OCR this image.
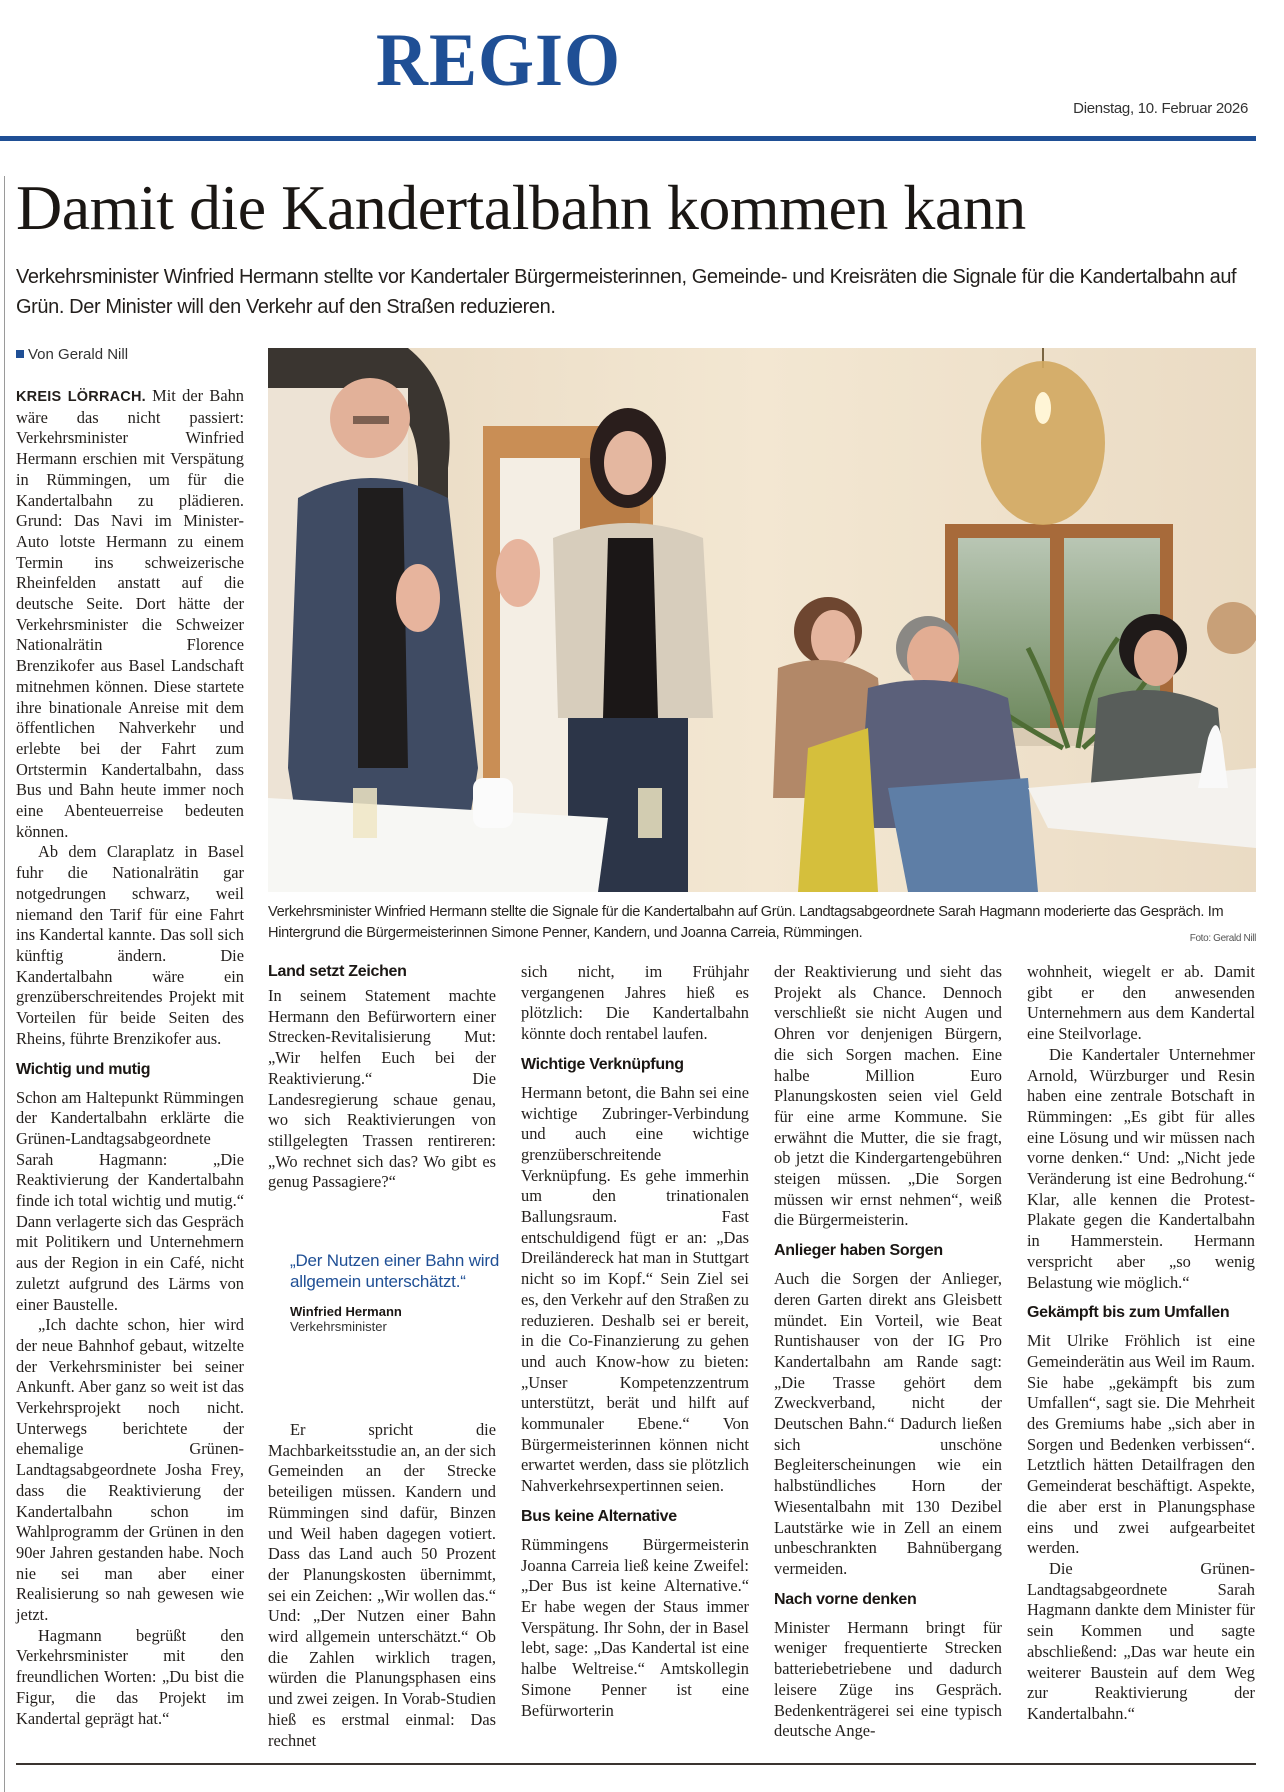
REGIO
Dienstag, 10. Februar 2026
Damit die Kandertalbahn kommen kann
Verkehrsminister Winfried Hermann stellte vor Kandertaler Bürgermeisterinnen, Gemeinde- und Kreisräten die Signale für die Kandertalbahn auf Grün. Der Minister will den Verkehr auf den Straßen reduzieren.
Von Gerald Nill

KREIS LÖRRACH. Mit der Bahn wäre das nicht passiert: Verkehrsminister Winfried Hermann erschien mit Verspätung in Rümmingen, um für die Kandertalbahn zu plädieren. Grund: Das Navi im Minister-Auto lotste Hermann zu einem Termin ins schweizerische Rheinfelden anstatt auf die deutsche Seite. Dort hätte der Verkehrsminister die Schweizer Nationalrätin Florence Brenzikofer aus Basel Landschaft mitnehmen können. Diese startete ihre binationale Anreise mit dem öffentlichen Nahverkehr und erlebte bei der Fahrt zum Ortstermin Kandertalbahn, dass Bus und Bahn heute immer noch eine Abenteuerreise bedeuten können.

Ab dem Claraplatz in Basel fuhr die Nationalrätin gar notgedrungen schwarz, weil niemand den Tarif für eine Fahrt ins Kandertal kannte. Das soll sich künftig ändern. Die Kandertalbahn wäre ein grenzüberschreitendes Projekt mit Vorteilen für beide Seiten des Rheins, führte Brenzikofer aus.

Wichtig und mutig

Schon am Haltepunkt Rümmingen der Kandertalbahn erklärte die Grünen-Landtagsabgeordnete Sarah Hagmann: „Die Reaktivierung der Kandertalbahn finde ich total wichtig und mutig.“ Dann verlagerte sich das Gespräch mit Politikern und Unternehmern aus der Region in ein Café, nicht zuletzt aufgrund des Lärms von einer Baustelle.

„Ich dachte schon, hier wird der neue Bahnhof gebaut, witzelte der Verkehrsminister bei seiner Ankunft. Aber ganz so weit ist das Verkehrsprojekt noch nicht. Unterwegs berichtete der ehemalige Grünen-Landtagsabgeordnete Josha Frey, dass die Reaktivierung der Kandertalbahn schon im Wahlprogramm der Grünen in den 90er Jahren gestanden habe. Noch nie sei man aber einer Realisierung so nah gewesen wie jetzt.

Hagmann begrüßt den Verkehrsminister mit den freundlichen Worten: „Du bist die Figur, die das Projekt im Kandertal geprägt hat.“

Verkehrsminister Winfried Hermann stellte die Signale für die Kandertalbahn auf Grün. Landtagsabgeordnete Sarah Hagmann moderierte das Gespräch. Im Hintergrund die Bürgermeisterinnen Simone Penner, Kandern, und Joanna Carreia, Rümmingen.	Foto: Gerald Nill
Land setzt Zeichen

In seinem Statement machte Hermann den Befürwortern einer Strecken-Revitalisierung Mut: „Wir helfen Euch bei der Reaktivierung.“ Die Landesregierung schaue genau, wo sich Reaktivierungen von stillgelegten Trassen rentireren: „Wo rechnet sich das? Wo gibt es genug Passagiere?“

„Der Nutzen einer Bahn wird allgemein unterschätzt.“
Winfried Hermann
Verkehrsminister

Er spricht die Machbarkeitsstudie an, an der sich Gemeinden an der Strecke beteiligen müssen. Kandern und Rümmingen sind dafür, Binzen und Weil haben dagegen votiert. Dass das Land auch 50 Prozent der Planungskosten übernimmt, sei ein Zeichen: „Wir wollen das.“ Und: „Der Nutzen einer Bahn wird allgemein unterschätzt.“ Ob die Zahlen wirklich tragen, würden die Planungsphasen eins und zwei zeigen. In Vorab-Studien hieß es erstmal einmal: Das rechnet

sich nicht, im Frühjahr vergangenen Jahres hieß es plötzlich: Die Kandertalbahn könnte doch rentabel laufen.

Wichtige Verknüpfung

Hermann betont, die Bahn sei eine wichtige Zubringer-Verbindung und auch eine wichtige grenzüberschreitende Verknüpfung. Es gehe immerhin um den trinationalen Ballungsraum. Fast entschuldigend fügt er an: „Das Dreiländereck hat man in Stuttgart nicht so im Kopf.“ Sein Ziel sei es, den Verkehr auf den Straßen zu reduzieren. Deshalb sei er bereit, in die Co-Finanzierung zu gehen und auch Know-how zu bieten: „Unser Kompetenzzentrum unterstützt, berät und hilft auf kommunaler Ebene.“ Von Bürgermeisterinnen können nicht erwartet werden, dass sie plötzlich Nahverkehrsexpertinnen seien.

Bus keine Alternative

Rümmingens Bürgermeisterin Joanna Carreia ließ keine Zweifel: „Der Bus ist keine Alternative.“ Er habe wegen der Staus immer Verspätung. Ihr Sohn, der in Basel lebt, sage: „Das Kandertal ist eine halbe Weltreise.“ Amtskollegin Simone Penner ist eine Befürworterin

der Reaktivierung und sieht das Projekt als Chance. Dennoch verschließt sie nicht Augen und Ohren vor denjenigen Bürgern, die sich Sorgen machen. Eine halbe Million Euro Planungskosten seien viel Geld für eine arme Kommune. Sie erwähnt die Mutter, die sie fragt, ob jetzt die Kindergartengebühren steigen müssen. „Die Sorgen müssen wir ernst nehmen“, weiß die Bürgermeisterin.

Anlieger haben Sorgen

Auch die Sorgen der Anlieger, deren Garten direkt ans Gleisbett mündet. Ein Vorteil, wie Beat Runtishauser von der IG Pro Kandertalbahn am Rande sagt: „Die Trasse gehört dem Zweckverband, nicht der Deutschen Bahn.“ Dadurch ließen sich unschöne Begleiterscheinungen wie ein halbstündliches Horn der Wiesentalbahn mit 130 Dezibel Lautstärke wie in Zell an einem unbeschrankten Bahnübergang vermeiden.

Nach vorne denken

Minister Hermann bringt für weniger frequentierte Strecken batteriebetriebene und dadurch leisere Züge ins Gespräch. Bedenkenträgerei sei eine typisch deutsche Ange-

wohnheit, wiegelt er ab. Damit gibt er den anwesenden Unternehmern aus dem Kandertal eine Steilvorlage.

Die Kandertaler Unternehmer Arnold, Würzburger und Resin haben eine zentrale Botschaft in Rümmingen: „Es gibt für alles eine Lösung und wir müssen nach vorne denken.“ Und: „Nicht jede Veränderung ist eine Bedrohung.“ Klar, alle kennen die Protest-Plakate gegen die Kandertalbahn in Hammerstein. Hermann verspricht aber „so wenig Belastung wie möglich.“

Gekämpft bis zum Umfallen

Mit Ulrike Fröhlich ist eine Gemeinderätin aus Weil im Raum. Sie habe „gekämpft bis zum Umfallen“, sagt sie. Die Mehrheit des Gremiums habe „sich aber in Sorgen und Bedenken verbissen“. Letztlich hätten Detailfragen den Gemeinderat beschäftigt. Aspekte, die aber erst in Planungsphase eins und zwei aufgearbeitet werden.

Die Grünen-Landtagsabgeordnete Sarah Hagmann dankte dem Minister für sein Kommen und sagte abschließend: „Das war heute ein weiterer Baustein auf dem Weg zur Reaktivierung der Kandertalbahn.“
